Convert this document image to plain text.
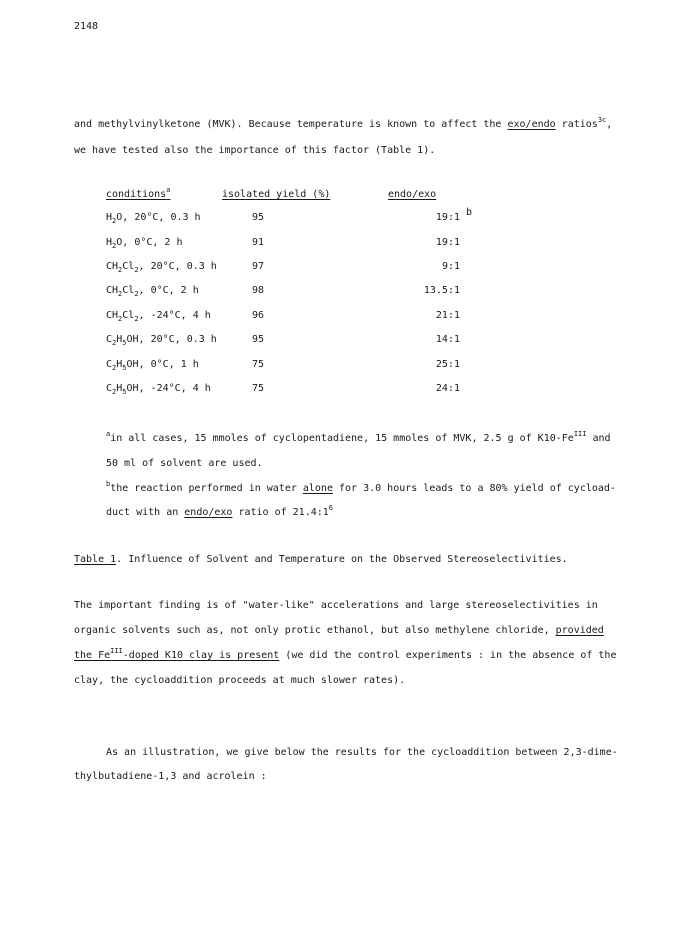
2148
and methylvinylketone (MVK). Because temperature is known to affect the exo/endo ratios$^{3c}$,
we have tested also the importance of this factor (Table 1).
conditions$^a$	isolated yield (%)	endo/exo
$H_2O$, 20°C, 0.3 h	95	19:1 b
$H_2O$, 0°C, 2 h	91	19:1
$CH_2Cl_2$, 20°C, 0.3 h	97	9:1
$CH_2Cl_2$, 0°C, 2 h	98	13.5:1
$CH_2Cl_2$, -24°C, 4 h	96	21:1
$C_2H_5OH$, 20°C, 0.3 h	95	14:1
$C_2H_5OH$, 0°C, 1 h	75	25:1
$C_2H_5OH$, -24°C, 4 h	75	24:1
$^a$in all cases, 15 mmoles of cyclopentadiene, 15 mmoles of MVK, 2.5 g of $K10-Fe^{III}$ and
50 ml of solvent are used.
$^b$the reaction performed in water alone for 3.0 hours leads to a 80% yield of cycload-
duct with an endo/exo ratio of $21.4:1^6$
Table 1. Influence of Solvent and Temperature on the Observed Stereoselectivities.
The important finding is of "water-like" accelerations and large stereoselectivities in
organic solvents such as, not only protic ethanol, but also methylene chloride, provided
the $Fe^{III}$-doped K10 clay is present (we did the control experiments : in the absence of the
clay, the cycloaddition proceeds at much slower rates).
As an illustration, we give below the results for the cycloaddition between 2,3-dime-
thylbutadiene-1,3 and acrolein :
